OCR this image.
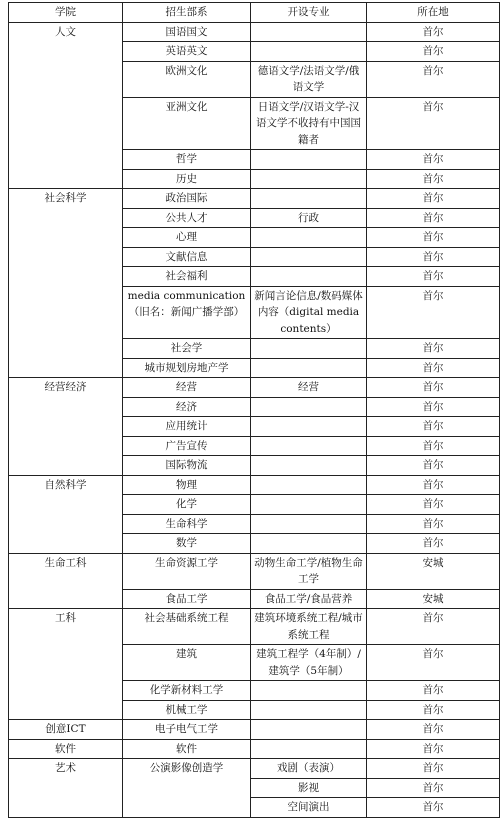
学院	招生部系	开设专业	所在地
人文	国语国文		首尔
	英语英文		首尔
	欧洲文化	德语文学/法语文学/俄语文学	首尔
	亚洲文化	日语文学/汉语文学-汉语文学不收持有中国国籍者	首尔
	哲学		首尔
	历史		首尔
社会科学	政治国际		首尔
	公共人才	行政	首尔
	心理		首尔
	文献信息		首尔
	社会福利		首尔
	media communication（旧名：新闻广播学部）	新闻言论信息/数码媒体内容（digital media contents）	首尔
	社会学		首尔
	城市规划房地产学		首尔
经营经济	经营	经营	首尔
	经济		首尔
	应用统计		首尔
	广告宣传		首尔
	国际物流		首尔
自然科学	物理		首尔
	化学		首尔
	生命科学		首尔
	数学		首尔
生命工科	生命资源工学	动物生命工学/植物生命工学	安城
	食品工学	食品工学/食品营养	安城
工科	社会基础系统工程	建筑环境系统工程/城市系统工程	首尔
	建筑	建筑工程学（4年制）/建筑学（5年制）	首尔
	化学新材料工学		首尔
	机械工学		首尔
创意ICT	电子电气工学		首尔
软件	软件		首尔
艺术	公演影像创造学	戏剧（表演）	首尔
		影视	首尔
		空间演出	首尔
